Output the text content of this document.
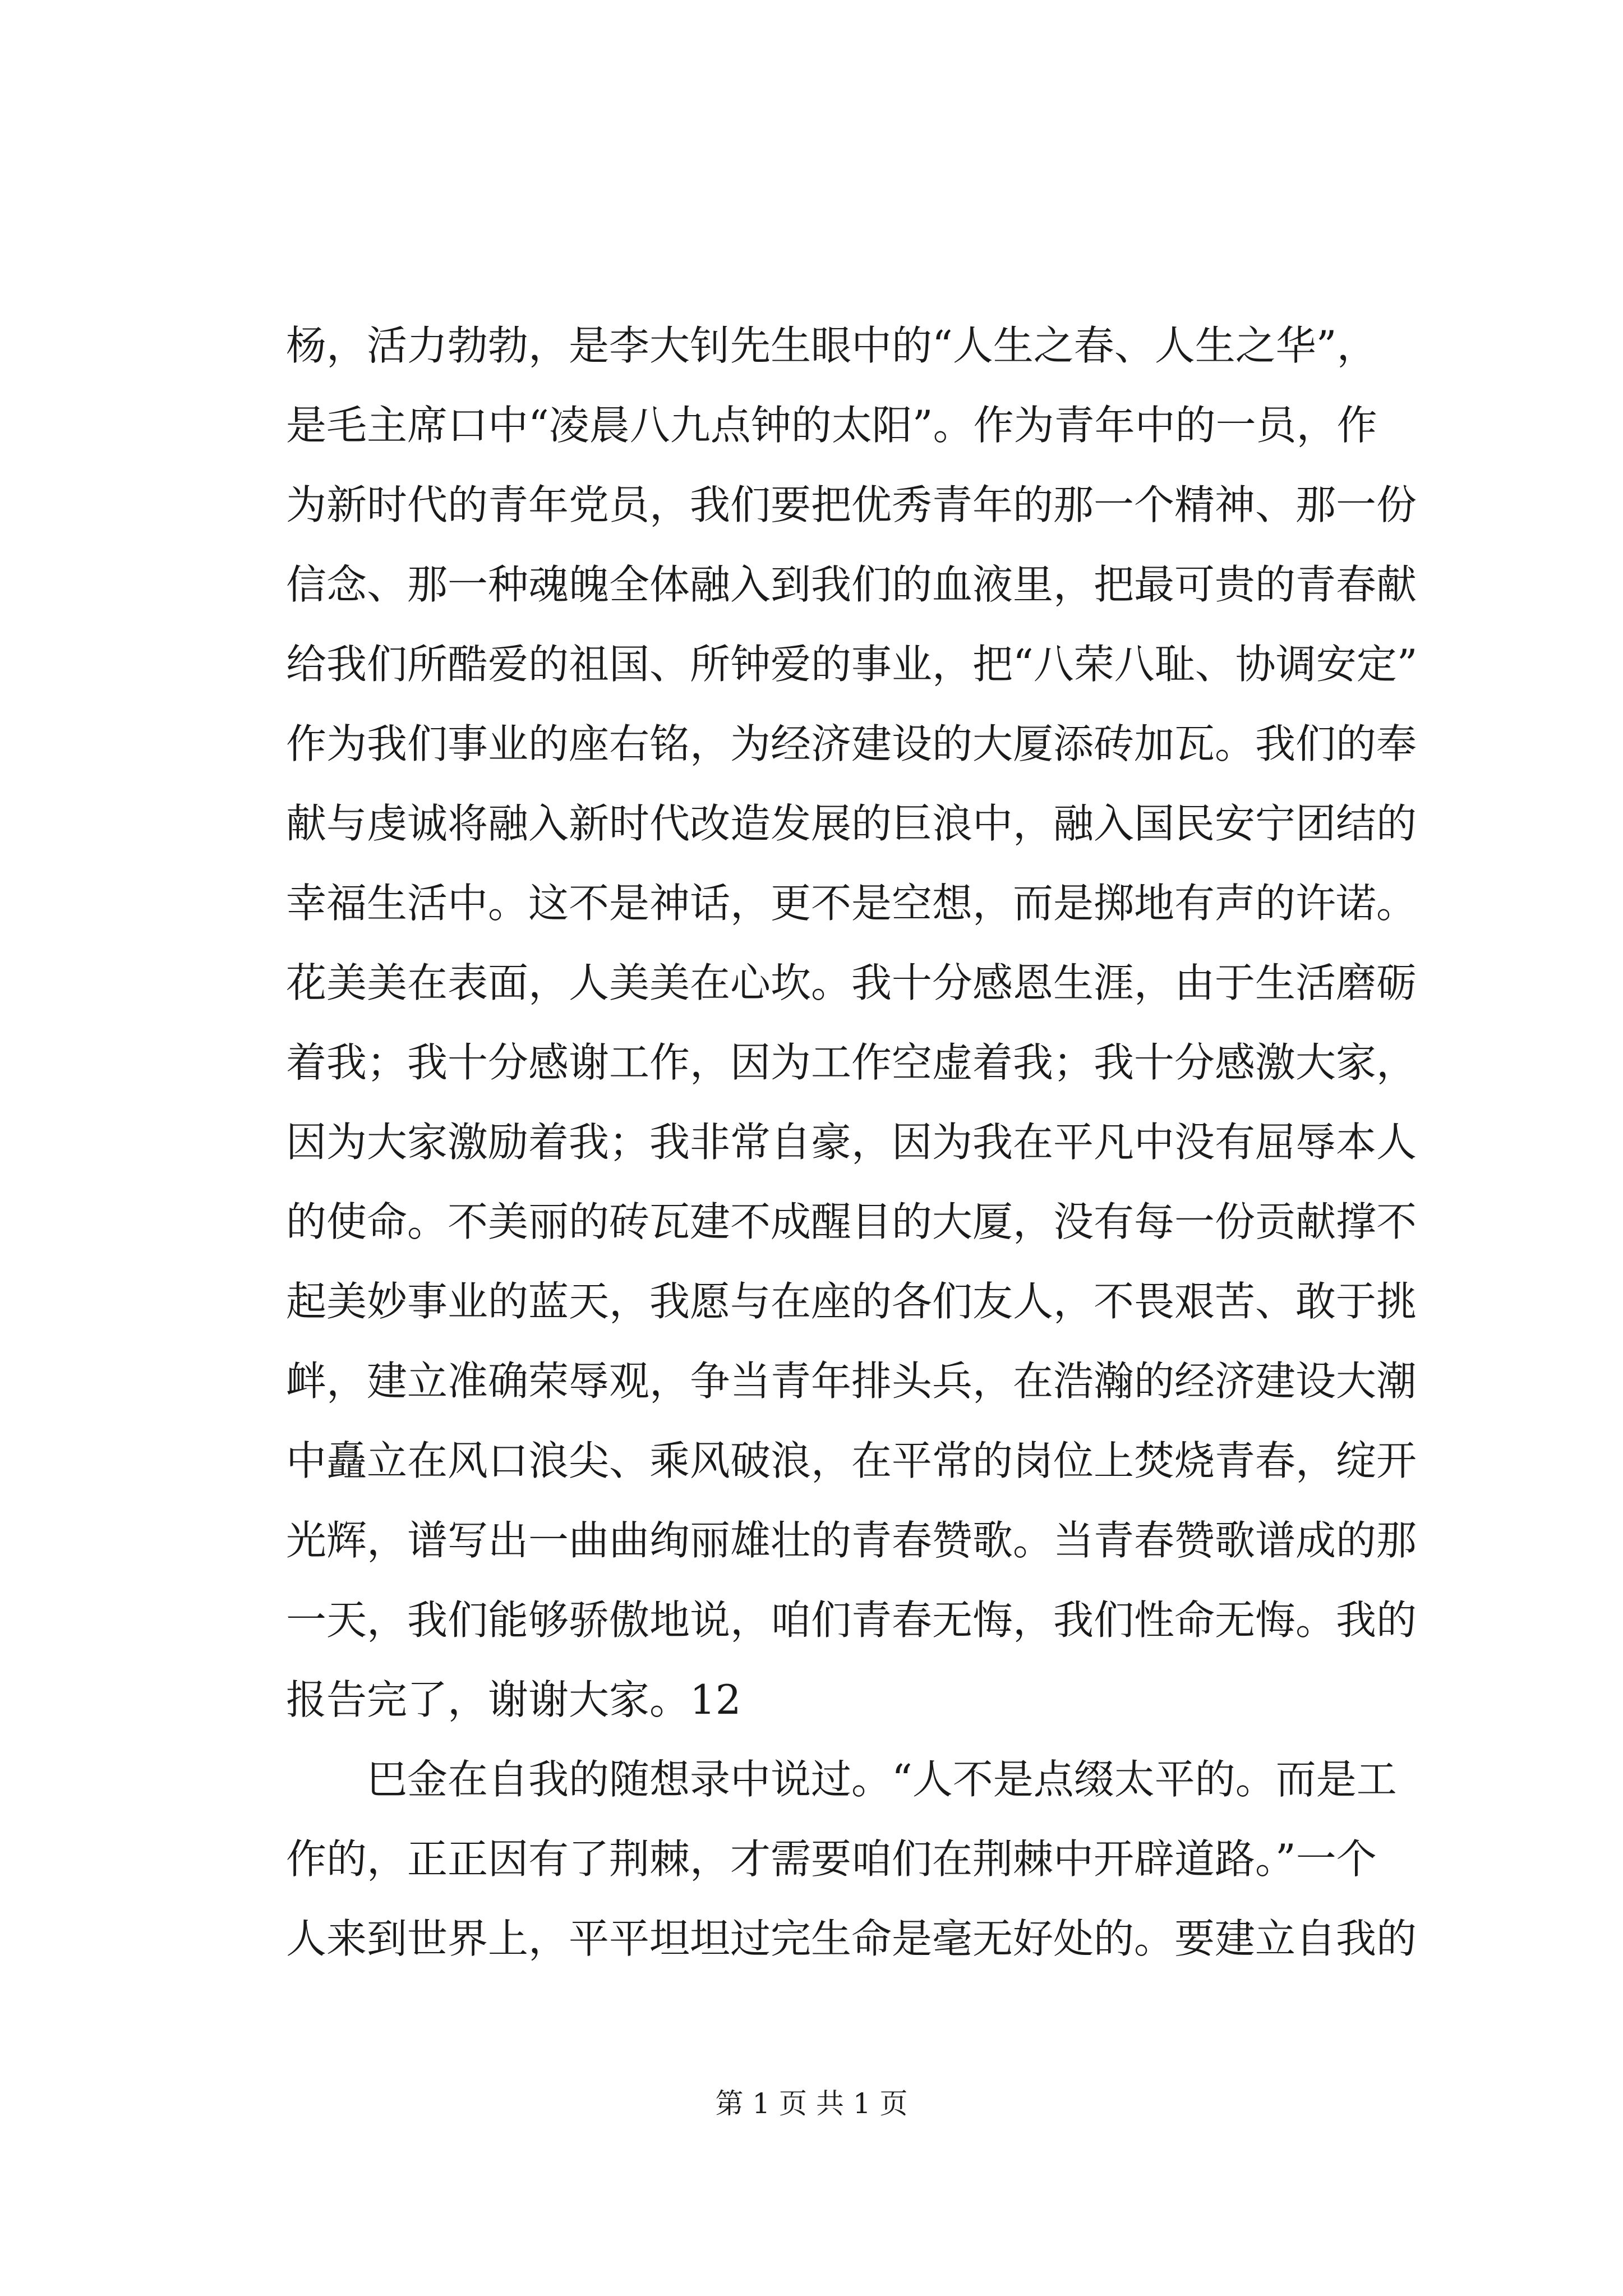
杨，活力勃勃，是李大钊先生眼中的“人生之春、人生之华”，
是毛主席口中“凌晨八九点钟的太阳”。作为青年中的一员，作
为新时代的青年党员，我们要把优秀青年的那一个精神、那一份
信念、那一种魂魄全体融入到我们的血液里，把最可贵的青春献
给我们所酷爱的祖国、所钟爱的事业，把“八荣八耻、协调安定”
作为我们事业的座右铭，为经济建设的大厦添砖加瓦。我们的奉
献与虔诚将融入新时代改造发展的巨浪中，融入国民安宁团结的
幸福生活中。这不是神话，更不是空想，而是掷地有声的许诺。
花美美在表面，人美美在心坎。我十分感恩生涯，由于生活磨砺
着我；我十分感谢工作，因为工作空虚着我；我十分感激大家，
因为大家激励着我；我非常自豪，因为我在平凡中没有屈辱本人
的使命。不美丽的砖瓦建不成醒目的大厦，没有每一份贡献撑不
起美妙事业的蓝天，我愿与在座的各们友人，不畏艰苦、敢于挑
衅，建立准确荣辱观，争当青年排头兵，在浩瀚的经济建设大潮
中矗立在风口浪尖、乘风破浪，在平常的岗位上焚烧青春，绽开
光辉，谱写出一曲曲绚丽雄壮的青春赞歌。当青春赞歌谱成的那
一天，我们能够骄傲地说，咱们青春无悔，我们性命无悔。我的
报告完了，谢谢大家。12
巴金在自我的随想录中说过。“人不是点缀太平的。而是工
作的，正正因有了荆棘，才需要咱们在荆棘中开辟道路。”一个
人来到世界上，平平坦坦过完生命是毫无好处的。要建立自我的
第 1 页 共 1 页
